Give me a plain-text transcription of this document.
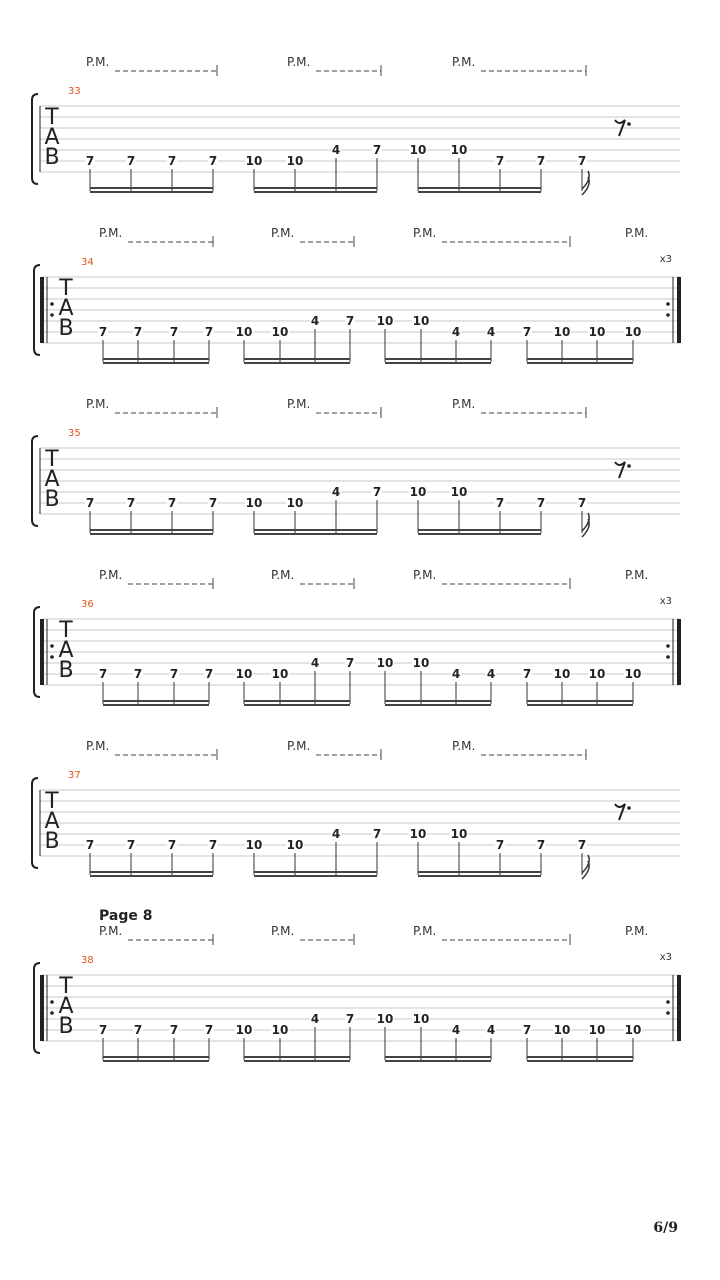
33
T
A
B
P.M.	P.M.	P.M.
7	7	7	7 10 10
4	7 10 10
7	7	7
34
T
A
B
x3
P.M.	P.M.	P.M.	P.M.
7 7 7 7 10 10
4 7 10 10
4 4 7 10 10 10
35
T
A
B
P.M.	P.M.	P.M.
7	7	7	7 10 10
4	7 10 10
7	7	7
36
T
A
B
x3
P.M.	P.M.	P.M.	P.M.
7 7 7 7 10 10
4 7 10 10
4 4 7 10 10 10
37
T
A
B
P.M.	P.M.	P.M.
7	7	7	7 10 10
4	7 10 10
7	7	7
38
T
A
B
x3
P.M.	P.M.	P.M.	P.M.
7 7 7 7 10 10
4 7 10 10
4 4 7 10 10 10
Page 8
6/9
